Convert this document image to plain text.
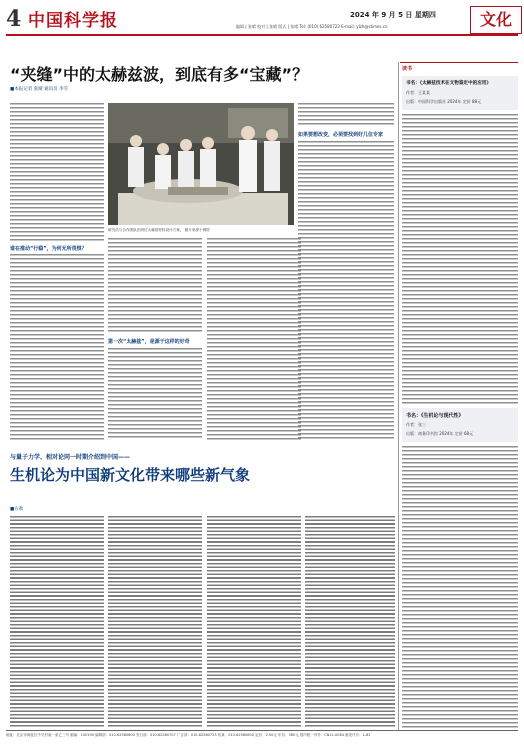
4 中国科学报	2024 年 9 月 5 日 星期四
编辑 | 张晴 校对 | 张晴 版式 | 张晴 Tel: (010) 62580723 E-mail: ylzh@stimes.cn	文化
“夹缝”中的太赫兹波，到底有多“宝藏”？
■本报记者 张晴 通讯员 李雪
谁在推动“行稳”，为何无所畏惧？
研究员与合作团队在研讨太赫兹材料设计方案。 图片来源于网络
第一次“太赫兹”，是源于这样的好奇
如果要想改变，必须要找到好几位专家
读书
书名：《太赫兹技术在文物鉴定中的应用》
作者：王某某
出版：中国科学出版社 2024年 定价 88元
书名：《生机论与现代性》
作者：张三
出版：商务印书馆 2024年 定价 68元
与量子力学、相对论同一时期介绍到中国——
生机论为中国新文化带来哪些新气象
■方赦
地址：北京市海淀区中关村南一条乙三号 邮编：100190 编辑部：010-62580600 发行部：010-62580707 广告部：010-62580723 传真：010-62580600 定价：2.50元 年价：360元 国内统一刊号：CN11-0084 邮发代号：1-82
